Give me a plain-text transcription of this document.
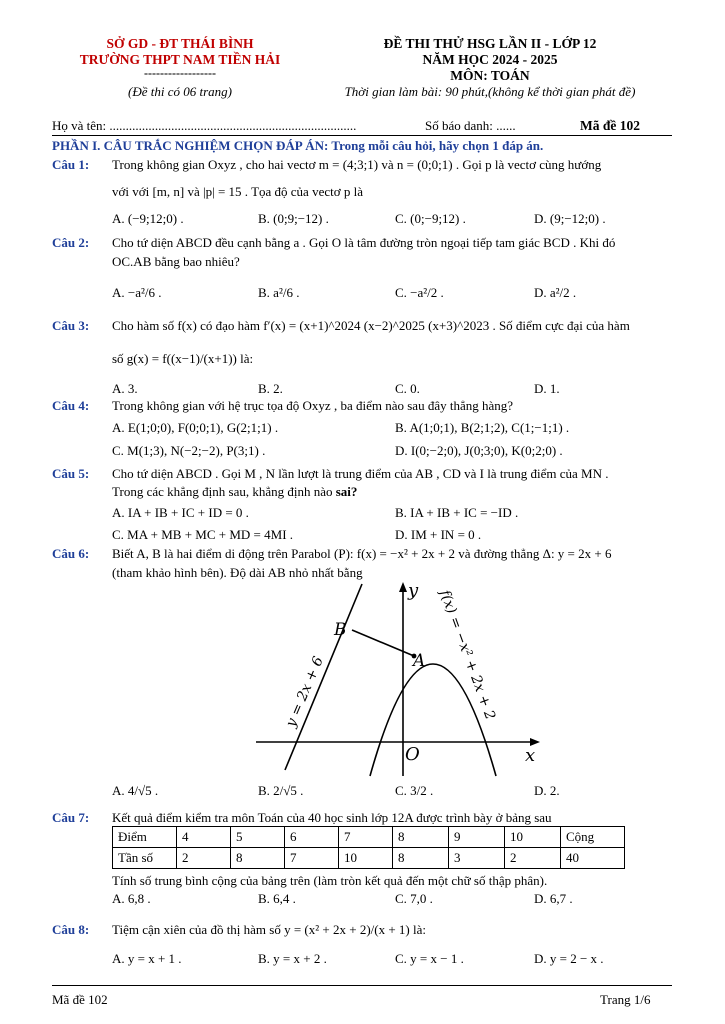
SỞ GD - ĐT THÁI BÌNH
TRƯỜNG THPT NAM TIỀN HẢI
------------------
(Đề thi có 06 trang)
ĐỀ THI THỬ HSG LẦN II - LỚP 12
NĂM HỌC 2024 - 2025
MÔN: TOÁN
Thời gian làm bài: 90 phút,(không kể thời gian phát đề)
Họ và tên: ............................................................................	Số báo danh: ......	Mã đề 102
PHẦN I. CÂU TRẮC NGHIỆM CHỌN ĐÁP ÁN: Trong mỗi câu hỏi, hãy chọn 1 đáp án.
Câu 1: Trong không gian Oxyz , cho hai vectơ m = (4;3;1) và n = (0;0;1) . Gọi p là vectơ cùng hướng
với với [m, n] và |p| = 15 . Tọa độ của vectơ p là
A. (−9;12;0) .	B. (0;9;−12) .	C. (0;−9;12) .	D. (9;−12;0) .
Câu 2: Cho tứ diện ABCD đều cạnh bằng a . Gọi O là tâm đường tròn ngoại tiếp tam giác BCD . Khi đó
OC.AB bằng bao nhiêu?
A. −a²/6 .	B. a²/6 .	C. −a²/2 .	D. a²/2 .
Câu 3: Cho hàm số f(x) có đạo hàm f′(x) = (x+1)^2024 (x−2)^2025 (x+3)^2023 . Số điểm cực đại của hàm
số g(x) = f((x−1)/(x+1)) là:
A. 3.	B. 2.	C. 0.	D. 1.
Câu 4: Trong không gian với hệ trục tọa độ Oxyz , ba điểm nào sau đây thẳng hàng?
A. E(1;0;0), F(0;0;1), G(2;1;1) .	B. A(1;0;1), B(2;1;2), C(1;−1;1) .
C. M(1;3), N(−2;−2), P(3;1) .	D. I(0;−2;0), J(0;3;0), K(0;2;0) .
Câu 5: Cho tứ diện ABCD . Gọi M , N lần lượt là trung điểm của AB , CD và I là trung điểm của MN .
Trong các khẳng định sau, khẳng định nào sai?
A. IA + IB + IC + ID = 0 .	B. IA + IB + IC = −ID .
C. MA + MB + MC + MD = 4MI .	D. IM + IN = 0 .
Câu 6: Biết A, B là hai điểm di động trên Parabol (P): f(x) = −x² + 2x + 2 và đường thẳng Δ: y = 2x + 6
(tham khảo hình bên). Độ dài AB nhỏ nhất bằng
B
A
O	x
y
y = 2x + 6	f(x) = −x² + 2x + 2
A. 4/√5 .	B. 2/√5 .	C. 3/2 .	D. 2.
Câu 7: Kết quả điểm kiểm tra môn Toán của 40 học sinh lớp 12A được trình bày ở bảng sau
Điểm	4	5	6	7	8	9	10	Cộng
Tần số	2	8	7	10	8	3	2	40
Tính số trung bình cộng của bảng trên (làm tròn kết quả đến một chữ số thập phân).
A. 6,8 .	B. 6,4 .	C. 7,0 .	D. 6,7 .
Câu 8: Tiệm cận xiên của đồ thị hàm số y = (x² + 2x + 2)/(x + 1) là:
A. y = x + 1 .	B. y = x + 2 .	C. y = x − 1 .	D. y = 2 − x .
Mã đề 102	Trang 1/6
